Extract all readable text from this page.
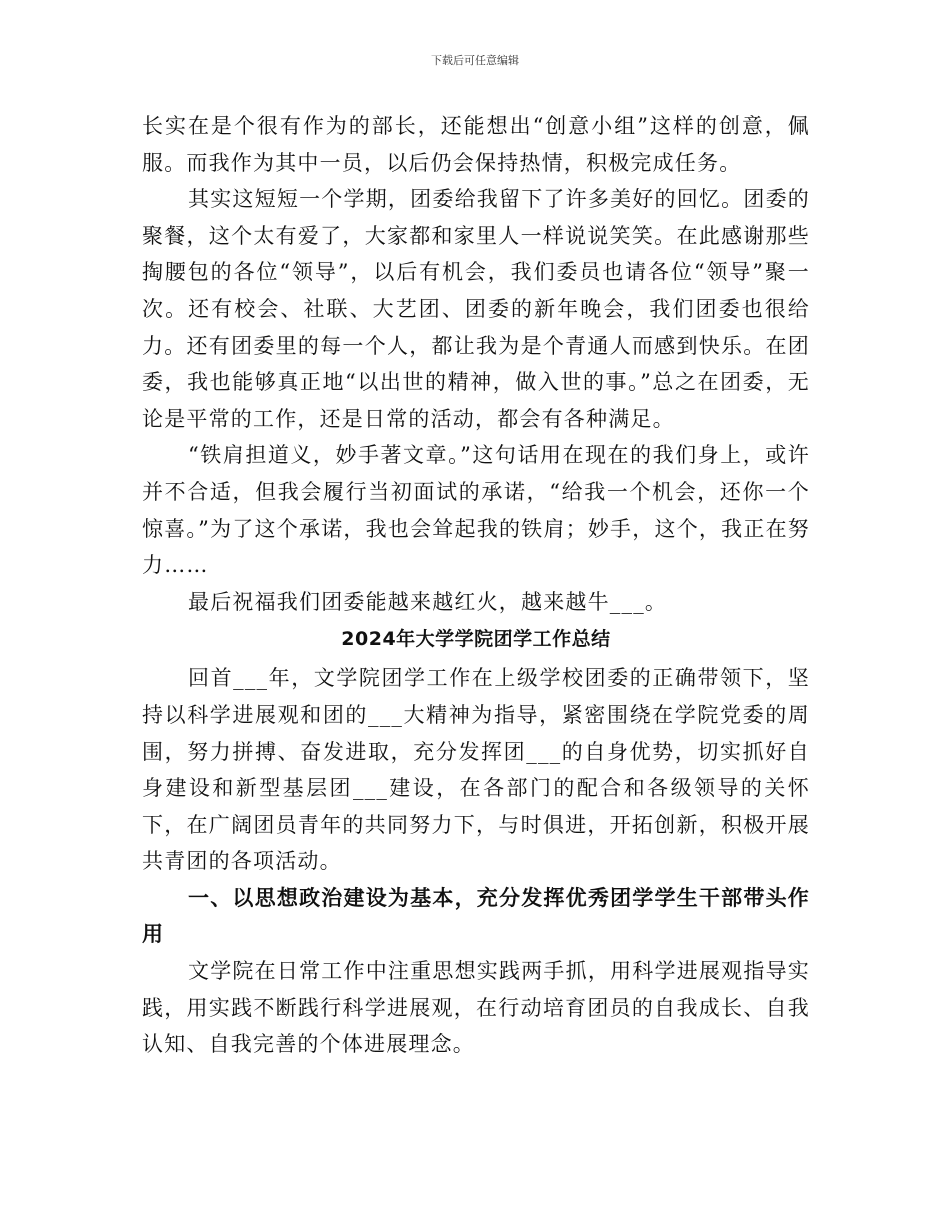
下载后可任意编辑

长实在是个很有作为的部长，还能想出“创意小组”这样的创意，佩服。而我作为其中一员，以后仍会保持热情，积极完成任务。

其实这短短一个学期，团委给我留下了许多美好的回忆。团委的聚餐，这个太有爱了，大家都和家里人一样说说笑笑。在此感谢那些掏腰包的各位“领导”，以后有机会，我们委员也请各位“领导”聚一次。还有校会、社联、大艺团、团委的新年晚会，我们团委也很给力。还有团委里的每一个人，都让我为是个青通人而感到快乐。在团委，我也能够真正地“以出世的精神，做入世的事。”总之在团委，无论是平常的工作，还是日常的活动，都会有各种满足。

“铁肩担道义，妙手著文章。”这句话用在现在的我们身上，或许并不合适，但我会履行当初面试的承诺，“给我一个机会，还你一个惊喜。”为了这个承诺，我也会耸起我的铁肩；妙手，这个，我正在努力……

最后祝福我们团委能越来越红火，越来越牛___。

2024年大学学院团学工作总结

回首___年，文学院团学工作在上级学校团委的正确带领下，坚持以科学进展观和团的___大精神为指导，紧密围绕在学院党委的周围，努力拼搏、奋发进取，充分发挥团___的自身优势，切实抓好自身建设和新型基层团___建设，在各部门的配合和各级领导的关怀下，在广阔团员青年的共同努力下，与时俱进，开拓创新，积极开展共青团的各项活动。

一、以思想政治建设为基本，充分发挥优秀团学学生干部带头作用

文学院在日常工作中注重思想实践两手抓，用科学进展观指导实践，用实践不断践行科学进展观，在行动培育团员的自我成长、自我认知、自我完善的个体进展理念。
